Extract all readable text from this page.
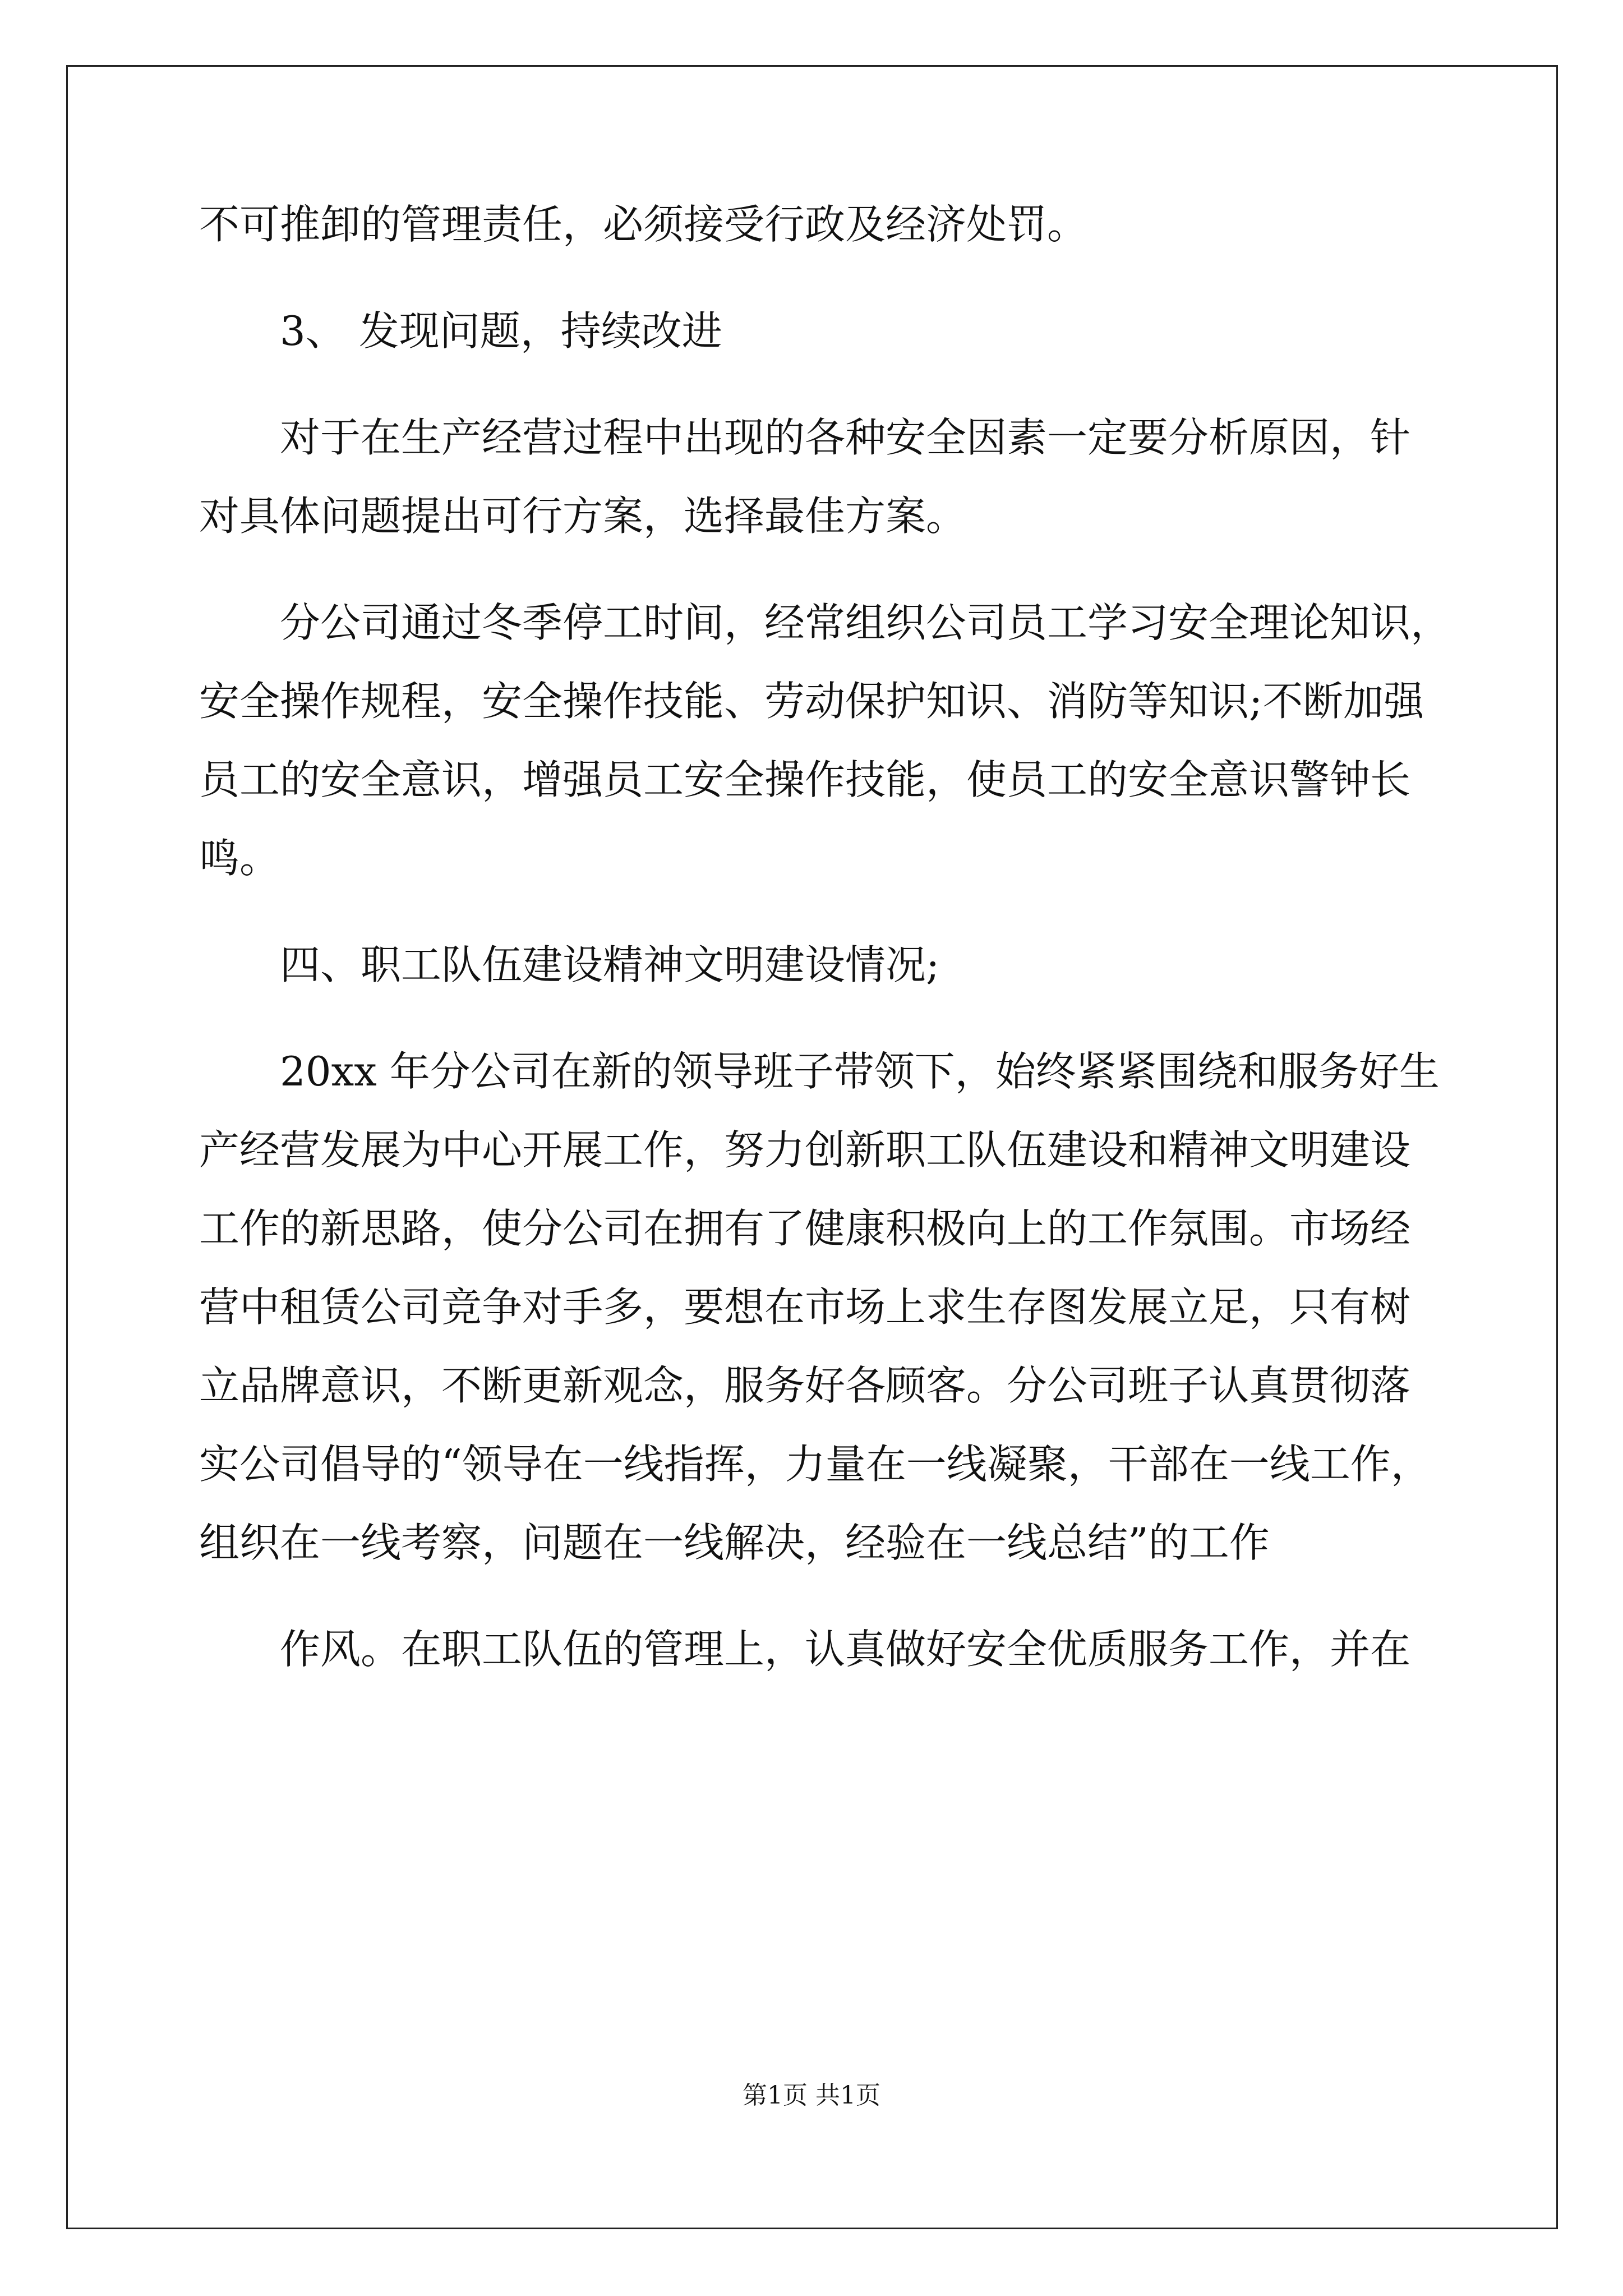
不可推卸的管理责任，必须接受行政及经济处罚。

3、 发现问题，持续改进

对于在生产经营过程中出现的各种安全因素一定要分析原因，针

对具体问题提出可行方案，选择最佳方案。

分公司通过冬季停工时间，经常组织公司员工学习安全理论知识，

安全操作规程，安全操作技能、劳动保护知识、消防等知识;不断加强

员工的安全意识，增强员工安全操作技能，使员工的安全意识警钟长

鸣。

四、职工队伍建设精神文明建设情况;

20xx 年分公司在新的领导班子带领下，始终紧紧围绕和服务好生

产经营发展为中心开展工作，努力创新职工队伍建设和精神文明建设

工作的新思路，使分公司在拥有了健康积极向上的工作氛围。市场经

营中租赁公司竞争对手多，要想在市场上求生存图发展立足，只有树

立品牌意识，不断更新观念，服务好各顾客。分公司班子认真贯彻落

实公司倡导的“领导在一线指挥，力量在一线凝聚，干部在一线工作，

组织在一线考察，问题在一线解决，经验在一线总结”的工作

作风。在职工队伍的管理上，认真做好安全优质服务工作，并在

第1页 共1页
